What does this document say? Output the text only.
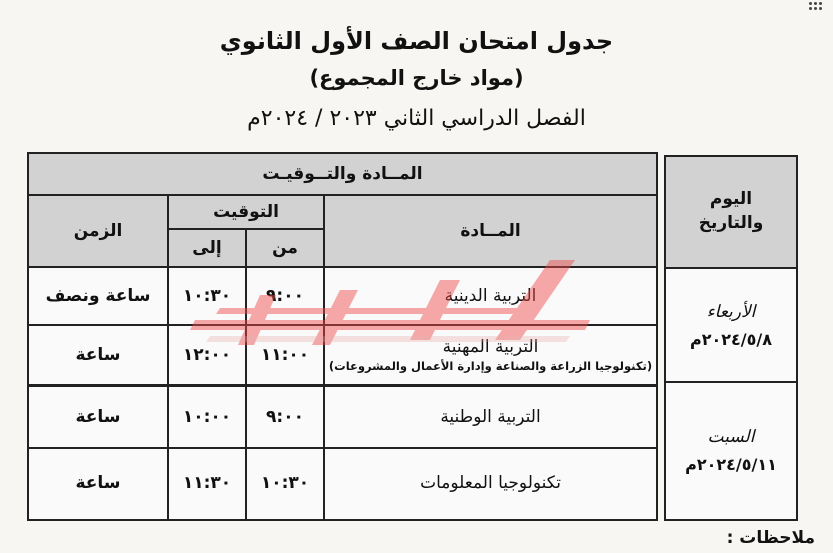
جدول امتحان الصف الأول الثانوي
(مواد خارج المجموع)
الفصل الدراسي الثاني ٢٠٢٣ / ٢٠٢٤م
اليوم والتاريخ
الأربعاء
٢٠٢٤/٥/٨م
السبت
٢٠٢٤/٥/١١م
المــادة والتــوقيـت
المــادة
التوقيت
إلى	من
الزمن
التربية الدينية
٩:٠٠
١٠:٣٠
ساعة ونصف
التربية المهنية
(تكنولوجيا الزراعة والصناعة وإدارة الأعمال والمشروعات)
١١:٠٠
١٢:٠٠
ساعة
التربية الوطنية
٩:٠٠
١٠:٠٠
ساعة
تكنولوجيا المعلومات
١٠:٣٠
١١:٣٠
ساعة
ملاحظات :
